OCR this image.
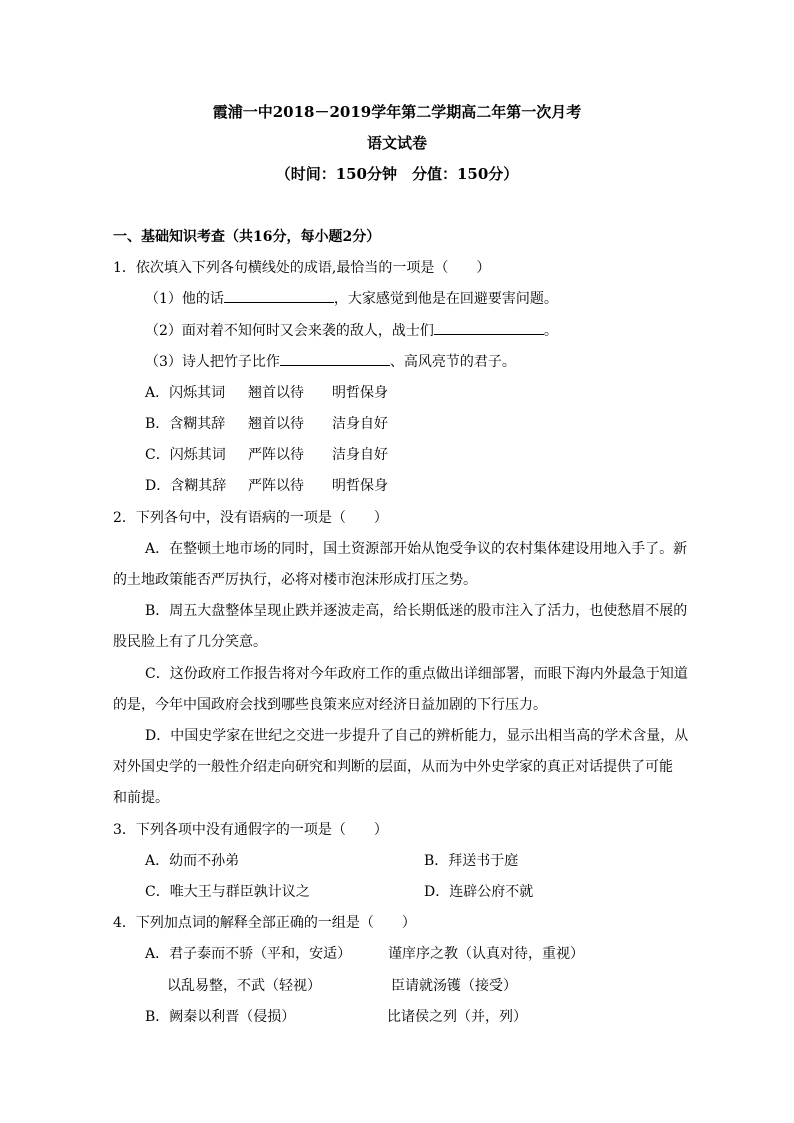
霞浦一中2018－2019学年第二学期高二年第一次月考
语文试卷
（时间：150分钟　分值：150分）
一、基础知识考查（共16分，每小题2分）
1．依次填入下列各句横线处的成语,最恰当的一项是（　　）
（1）他的话	，大家感觉到他是在回避要害问题。
（2）面对着不知何时又会来袭的敌人，战士们	。
（3）诗人把竹子比作	、高风亮节的君子。
A．闪烁其词 翘首以待 明哲保身
B．含糊其辞 翘首以待 洁身自好
C．闪烁其词 严阵以待 洁身自好
D．含糊其辞 严阵以待 明哲保身
2．下列各句中，没有语病的一项是（　　）
A．在整顿土地市场的同时，国土资源部开始从饱受争议的农村集体建设用地入手了。新
的土地政策能否严厉执行，必将对楼市泡沫形成打压之势。
B．周五大盘整体呈现止跌并逐波走高，给长期低迷的股市注入了活力，也使愁眉不展的
股民脸上有了几分笑意。
C．这份政府工作报告将对今年政府工作的重点做出详细部署，而眼下海内外最急于知道
的是，今年中国政府会找到哪些良策来应对经济日益加剧的下行压力。
D．中国史学家在世纪之交进一步提升了自己的辨析能力，显示出相当高的学术含量，从
对外国史学的一般性介绍走向研究和判断的层面，从而为中外史学家的真正对话提供了可能
和前提。
3．下列各项中没有通假字的一项是（　　）
A．幼而不孙弟	B．拜送书于庭
C．唯大王与群臣孰计议之	D．连辟公府不就
4．下列加点词的解释全部正确的一组是（　　）
A．君子泰而不骄（平和，安适）	谨庠序之教（认真对待，重视）
以乱易整，不武（轻视）	臣请就汤镬（接受）
B．阙秦以利晋（侵损）	比诸侯之列（并，列）
